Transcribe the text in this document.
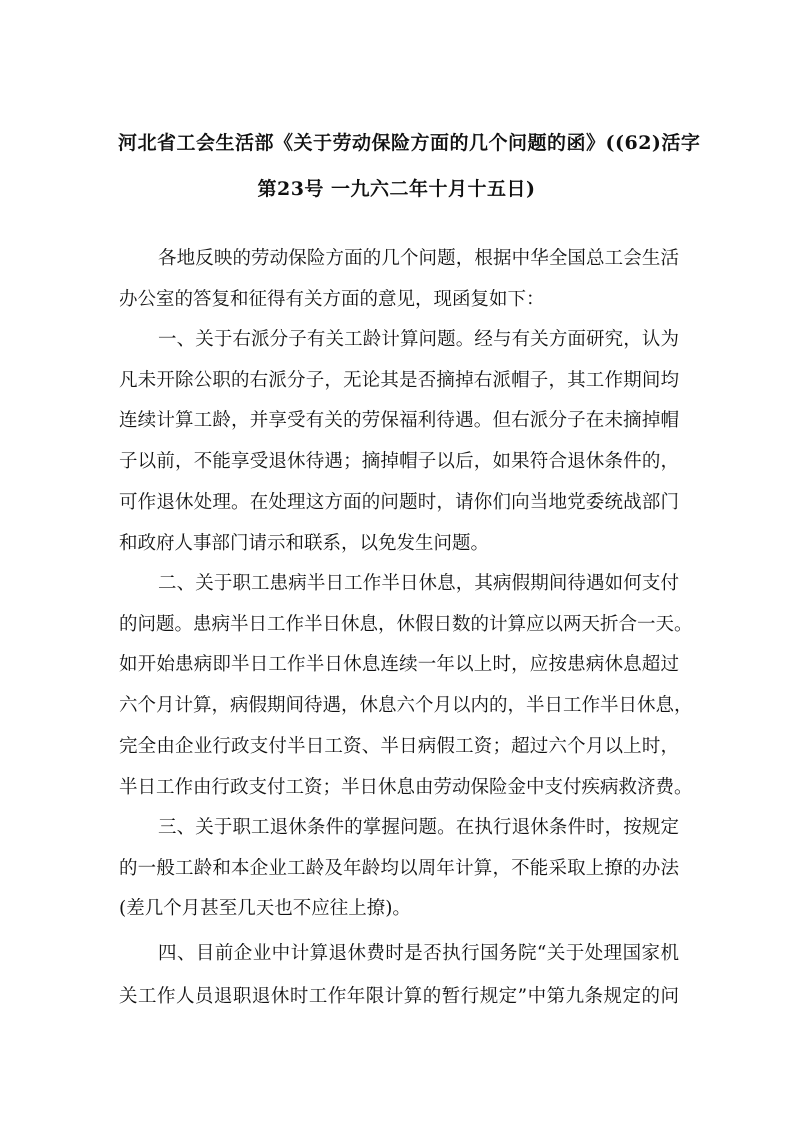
河北省工会生活部《关于劳动保险方面的几个问题的函》((62)活字
第23号 一九六二年十月十五日)
各地反映的劳动保险方面的几个问题，根据中华全国总工会生活
办公室的答复和征得有关方面的意见，现函复如下：
一、关于右派分子有关工龄计算问题。经与有关方面研究，认为
凡未开除公职的右派分子，无论其是否摘掉右派帽子，其工作期间均
连续计算工龄，并享受有关的劳保福利待遇。但右派分子在未摘掉帽
子以前，不能享受退休待遇；摘掉帽子以后，如果符合退休条件的，
可作退休处理。在处理这方面的问题时，请你们向当地党委统战部门
和政府人事部门请示和联系，以免发生问题。
二、关于职工患病半日工作半日休息，其病假期间待遇如何支付
的问题。患病半日工作半日休息，休假日数的计算应以两天折合一天。
如开始患病即半日工作半日休息连续一年以上时，应按患病休息超过
六个月计算，病假期间待遇，休息六个月以内的，半日工作半日休息，
完全由企业行政支付半日工资、半日病假工资；超过六个月以上时，
半日工作由行政支付工资；半日休息由劳动保险金中支付疾病救济费。
三、关于职工退休条件的掌握问题。在执行退休条件时，按规定
的一般工龄和本企业工龄及年龄均以周年计算，不能采取上撩的办法
(差几个月甚至几天也不应往上撩)。
四、目前企业中计算退休费时是否执行国务院“关于处理国家机
关工作人员退职退休时工作年限计算的暂行规定”中第九条规定的问
